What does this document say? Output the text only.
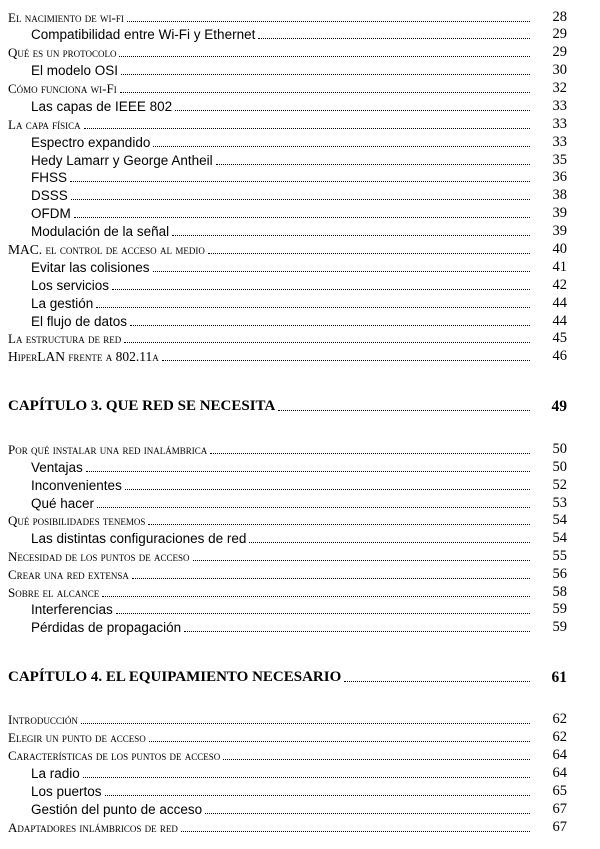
El nacimiento de wi-fi	28
Compatibilidad entre Wi-Fi y Ethernet	29
Qué es un protocolo	29
El modelo OSI	30
Cómo funciona wi-Fi	32
Las capas de IEEE 802	33
La capa física	33
Espectro expandido	33
Hedy Lamarr y George Antheil	35
FHSS	36
DSSS	38
OFDM	39
Modulación de la señal	39
MAC. el control de acceso al medio	40
Evitar las colisiones	41
Los servicios	42
La gestión	44
El flujo de datos	44
La estructura de red	45
HiperLAN frente a 802.11a	46
CAPÍTULO 3. QUE RED SE NECESITA	49
Por qué instalar una red inalámbrica	50
Ventajas	50
Inconvenientes	52
Qué hacer	53
Qué posibilidades tenemos	54
Las distintas configuraciones de red	54
Necesidad de los puntos de acceso	55
Crear una red extensa	56
Sobre el alcance	58
Interferencias	59
Pérdidas de propagación	59
CAPÍTULO 4. EL EQUIPAMIENTO NECESARIO	61
Introducción	62
Elegir un punto de acceso	62
Características de los puntos de acceso	64
La radio	64
Los puertos	65
Gestión del punto de acceso	67
Adaptadores inlámbricos de red	67
